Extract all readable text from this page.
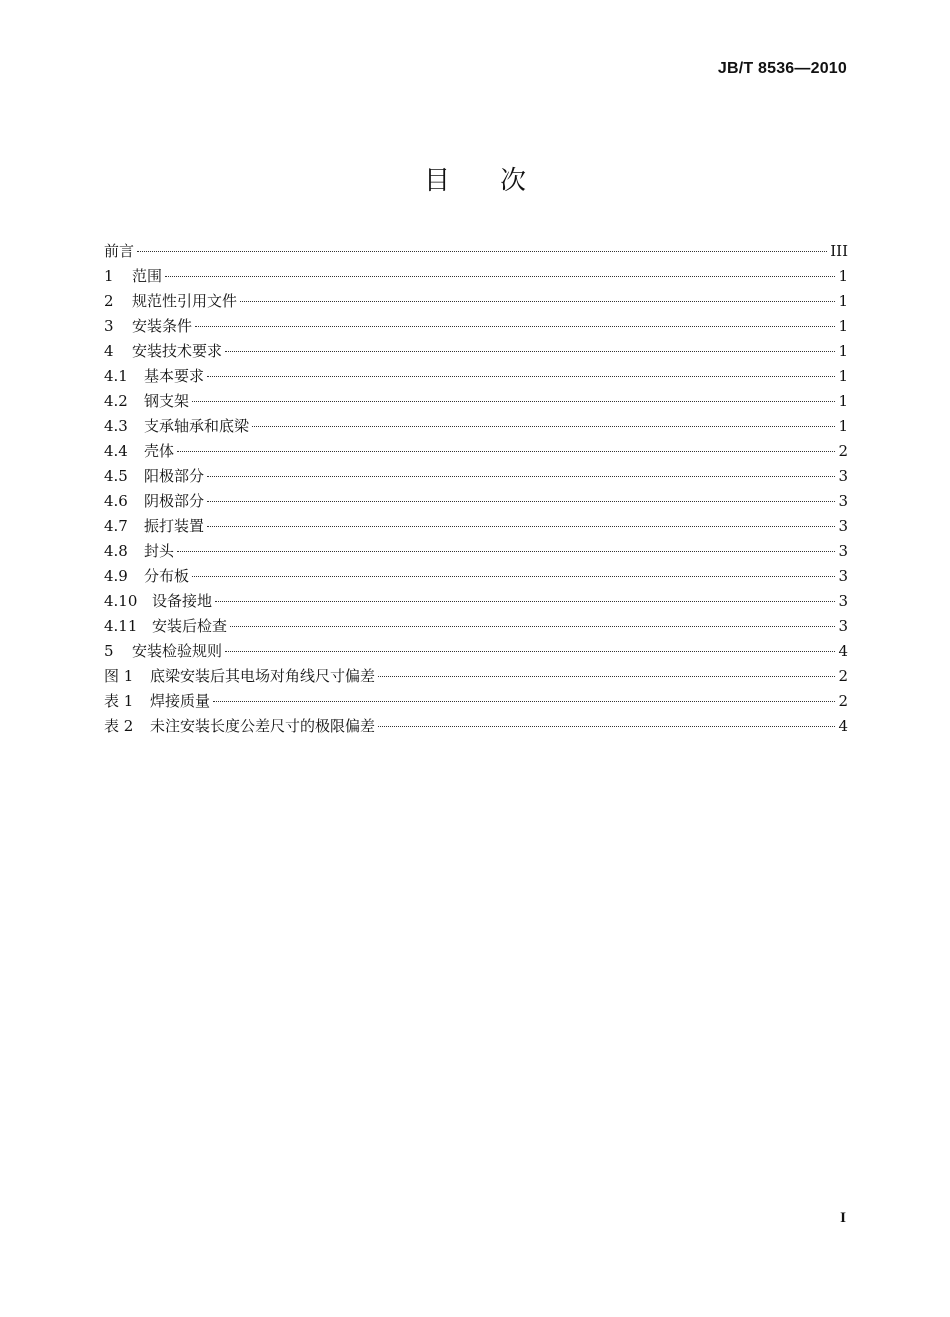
JB/T 8536—2010
目 次
前言	III
1	范围	1
2	规范性引用文件	1
3	安装条件	1
4	安装技术要求	1
4.1	基本要求	1
4.2	钢支架	1
4.3	支承轴承和底梁	1
4.4	壳体	2
4.5	阳极部分	3
4.6	阴极部分	3
4.7	振打装置	3
4.8	封头	3
4.9	分布板	3
4.10 设备接地	3
4.11 安装后检查	3
5	安装检验规则	4
图 1	底梁安装后其电场对角线尺寸偏差	2
表 1	焊接质量	2
表 2	未注安装长度公差尺寸的极限偏差	4
I
